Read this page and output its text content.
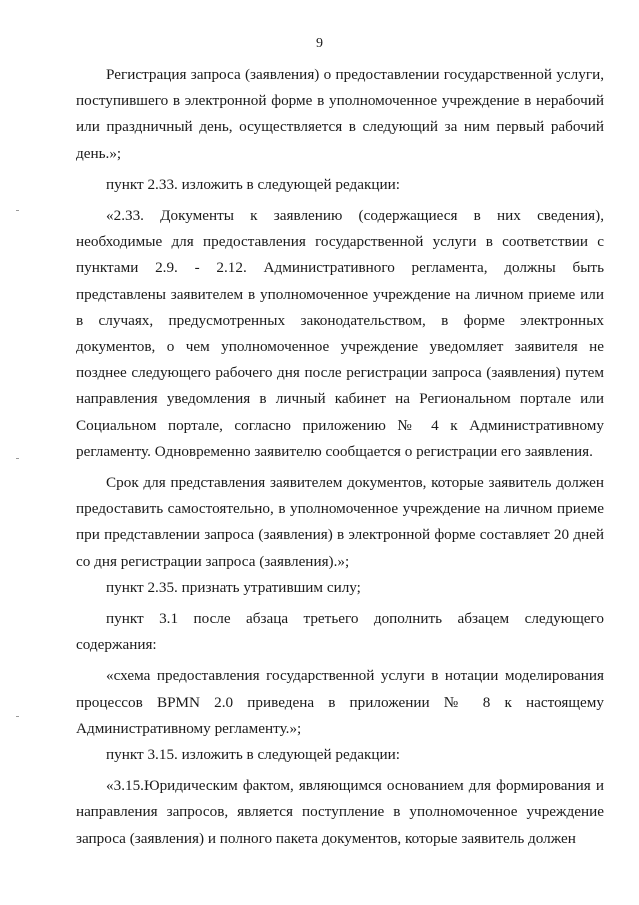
9

Регистрация запроса (заявления) о предоставлении государственной услуги, поступившего в электронной форме в уполномоченное учреждение в нерабочий или праздничный день, осуществляется в следующий за ним первый рабочий день.»;

пункт 2.33. изложить в следующей редакции:

«2.33. Документы к заявлению (содержащиеся в них сведения), необходимые для предоставления государственной услуги в соответствии с пунктами 2.9. - 2.12. Административного регламента, должны быть представлены заявителем в уполномоченное учреждение на личном приеме или в случаях, предусмотренных законодательством, в форме электронных документов, о чем уполномоченное учреждение уведомляет заявителя не позднее следующего рабочего дня после регистрации запроса (заявления) путем направления уведомления в личный кабинет на Региональном портале или Социальном портале, согласно приложению № 4 к Административному регламенту. Одновременно заявителю сообщается о регистрации его заявления.

Срок для представления заявителем документов, которые заявитель должен предоставить самостоятельно, в уполномоченное учреждение на личном приеме при представлении запроса (заявления) в электронной форме составляет 20 дней со дня регистрации запроса (заявления).»;

пункт 2.35. признать утратившим силу;

пункт 3.1 после абзаца третьего дополнить абзацем следующего содержания:

«схема предоставления государственной услуги в нотации моделирования процессов BPMN 2.0 приведена в приложении № 8 к настоящему Административному регламенту.»;

пункт 3.15. изложить в следующей редакции:

«3.15.Юридическим фактом, являющимся основанием для формирования и направления запросов, является поступление в уполномоченное учреждение запроса (заявления) и полного пакета документов, которые заявитель должен
